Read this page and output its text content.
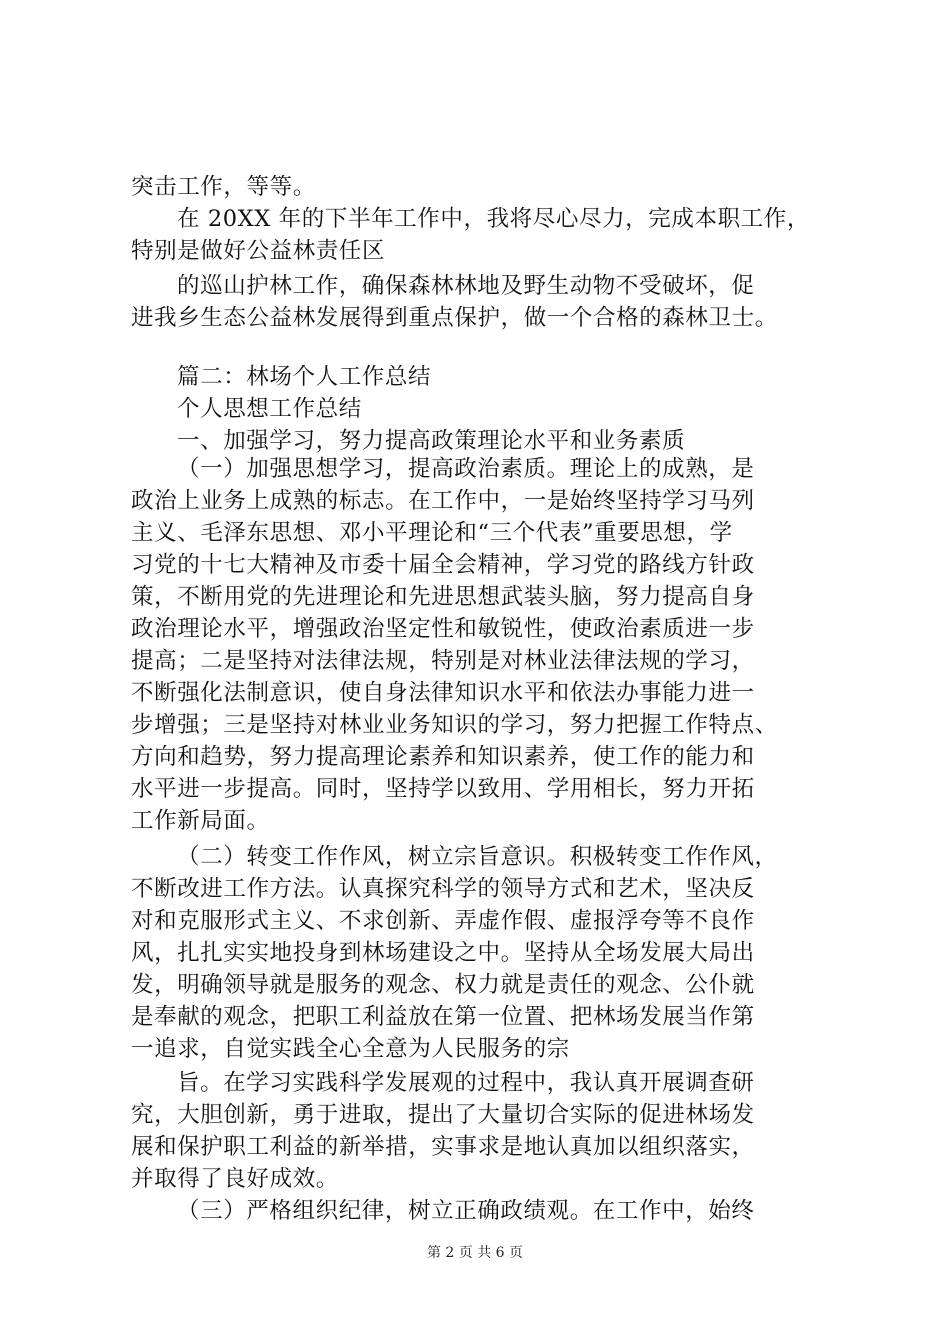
突击工作，等等。
在 20XX 年的下半年工作中，我将尽心尽力，完成本职工作，
特别是做好公益林责任区
的巡山护林工作，确保森林林地及野生动物不受破坏，促
进我乡生态公益林发展得到重点保护，做一个合格的森林卫士。
篇二：林场个人工作总结
个人思想工作总结
一、加强学习，努力提高政策理论水平和业务素质
（一）加强思想学习，提高政治素质。理论上的成熟，是
政治上业务上成熟的标志。在工作中，一是始终坚持学习马列
主义、毛泽东思想、邓小平理论和“三个代表”重要思想，学
习党的十七大精神及市委十届全会精神，学习党的路线方针政
策，不断用党的先进理论和先进思想武装头脑，努力提高自身
政治理论水平，增强政治坚定性和敏锐性，使政治素质进一步
提高；二是坚持对法律法规，特别是对林业法律法规的学习，
不断强化法制意识，使自身法律知识水平和依法办事能力进一
步增强；三是坚持对林业业务知识的学习，努力把握工作特点、
方向和趋势，努力提高理论素养和知识素养，使工作的能力和
水平进一步提高。同时，坚持学以致用、学用相长，努力开拓
工作新局面。
（二）转变工作作风，树立宗旨意识。积极转变工作作风，
不断改进工作方法。认真探究科学的领导方式和艺术，坚决反
对和克服形式主义、不求创新、弄虚作假、虚报浮夸等不良作
风，扎扎实实地投身到林场建设之中。坚持从全场发展大局出
发，明确领导就是服务的观念、权力就是责任的观念、公仆就
是奉献的观念，把职工利益放在第一位置、把林场发展当作第
一追求，自觉实践全心全意为人民服务的宗
旨。在学习实践科学发展观的过程中，我认真开展调查研
究，大胆创新，勇于进取，提出了大量切合实际的促进林场发
展和保护职工利益的新举措，实事求是地认真加以组织落实，
并取得了良好成效。
（三）严格组织纪律，树立正确政绩观。在工作中，始终
第 2 页 共 6 页
